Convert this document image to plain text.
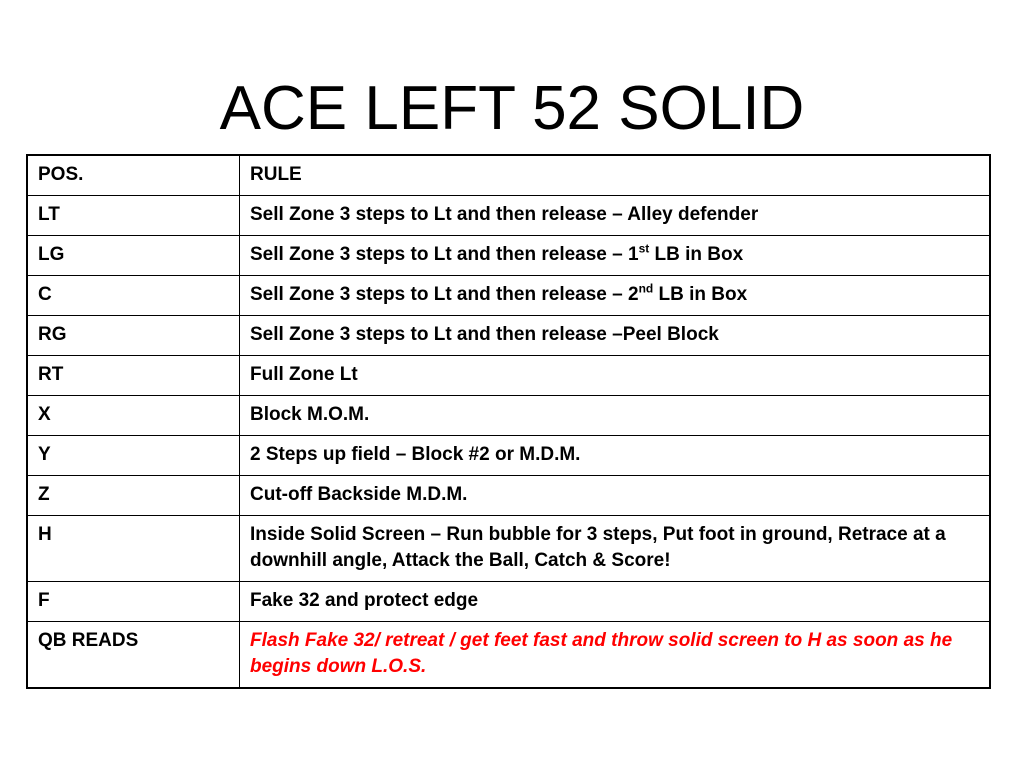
ACE LEFT 52 SOLID
POS.	RULE
LT	Sell Zone 3 steps to Lt and then release – Alley defender
LG	Sell Zone 3 steps to Lt and then release – 1st LB in Box
C	Sell Zone 3 steps to Lt and then release – 2nd LB in Box
RG	Sell Zone 3 steps to Lt and then release –Peel Block
RT	Full Zone Lt
X	Block M.O.M.
Y	2 Steps up field – Block #2 or M.D.M.
Z	Cut-off Backside M.D.M.
H	Inside Solid Screen – Run bubble for 3 steps, Put foot in ground, Retrace at a downhill angle, Attack the Ball, Catch & Score!
F	Fake 32 and protect edge
QB READS	Flash Fake 32/ retreat / get feet fast and throw solid screen to H as soon as he begins down L.O.S.
